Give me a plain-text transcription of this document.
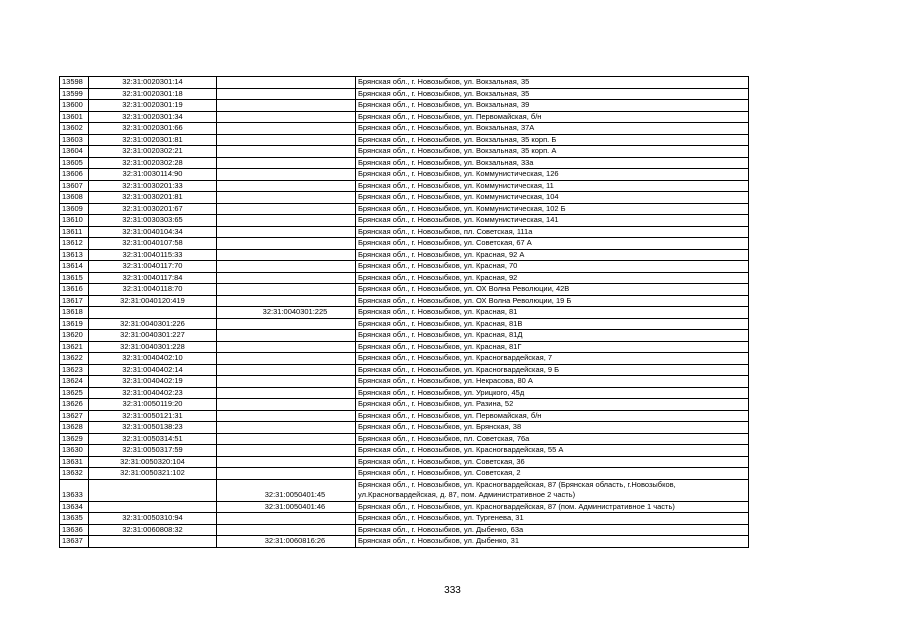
13598	32:31:0020301:14		Брянская обл., г. Новозыбков, ул. Вокзальная, 35
13599	32:31:0020301:18		Брянская обл., г. Новозыбков, ул. Вокзальная, 35
13600	32:31:0020301:19		Брянская обл., г. Новозыбков, ул. Вокзальная, 39
13601	32:31:0020301:34		Брянская обл., г. Новозыбков, ул. Первомайская, б/н
13602	32:31:0020301:66		Брянская обл., г. Новозыбков, ул. Вокзальная, 37А
13603	32:31:0020301:81		Брянская обл., г. Новозыбков, ул. Вокзальная, 35 корп. Б
13604	32:31:0020302:21		Брянская обл., г. Новозыбков, ул. Вокзальная, 35 корп. А
13605	32:31:0020302:28		Брянская обл., г. Новозыбков, ул. Вокзальная, 33а
13606	32:31:0030114:90		Брянская обл., г. Новозыбков, ул. Коммунистическая, 126
13607	32:31:0030201:33		Брянская обл., г. Новозыбков, ул. Коммунистическая, 11
13608	32:31:0030201:81		Брянская обл., г. Новозыбков, ул. Коммунистическая, 104
13609	32:31:0030201:67		Брянская обл., г. Новозыбков, ул. Коммунистическая, 102 Б
13610	32:31:0030303:65		Брянская обл., г. Новозыбков, ул. Коммунистическая, 141
13611	32:31:0040104:34		Брянская обл., г. Новозыбков, пл. Советская, 111а
13612	32:31:0040107:58		Брянская обл., г. Новозыбков, ул. Советская, 67 А
13613	32:31:0040115:33		Брянская обл., г. Новозыбков, ул. Красная, 92 А
13614	32:31:0040117:70		Брянская обл., г. Новозыбков, ул. Красная, 70
13615	32:31:0040117:84		Брянская обл., г. Новозыбков, ул. Красная, 92
13616	32:31:0040118:70		Брянская обл., г. Новозыбков, ул. ОХ Волна Революции, 42В
13617	32:31:0040120:419		Брянская обл., г. Новозыбков, ул. ОХ Волна Революции, 19 Б
13618		32:31:0040301:225	Брянская обл., г. Новозыбков, ул. Красная, 81
13619	32:31:0040301:226		Брянская обл., г. Новозыбков, ул. Красная, 81В
13620	32:31:0040301:227		Брянская обл., г. Новозыбков, ул. Красная, 81Д
13621	32:31:0040301:228		Брянская обл., г. Новозыбков, ул. Красная, 81Г
13622	32:31:0040402:10		Брянская обл., г. Новозыбков, ул. Красногвардейская, 7
13623	32:31:0040402:14		Брянская обл., г. Новозыбков, ул. Красногвардейская, 9 Б
13624	32:31:0040402:19		Брянская обл., г. Новозыбков, ул. Некрасова, 80 А
13625	32:31:0040402:23		Брянская обл., г. Новозыбков, ул. Урицкого, 45д
13626	32:31:0050119:20		Брянская обл., г. Новозыбков, ул. Разина, 52
13627	32:31:0050121:31		Брянская обл., г. Новозыбков, ул. Первомайская, б/н
13628	32:31:0050138:23		Брянская обл., г. Новозыбков, ул. Брянская, 38
13629	32:31:0050314:51		Брянская обл., г. Новозыбков, пл. Советская, 76а
13630	32:31:0050317:59		Брянская обл., г. Новозыбков, ул. Красногвардейская, 55 А
13631	32:31:0050320:104		Брянская обл., г. Новозыбков, ул. Советская, 36
13632	32:31:0050321:102		Брянская обл., г. Новозыбков, ул. Советская, 2
13633		32:31:0050401:45	Брянская обл., г. Новозыбков, ул. Красногвардейская, 87 (Брянская область, г.Новозыбков, ул.Красногвардейская, д. 87, пом. Административное 2 часть)
13634		32:31:0050401:46	Брянская обл., г. Новозыбков, ул. Красногвардейская, 87 (пом. Административное 1 часть)
13635	32:31:0050310:94		Брянская обл., г. Новозыбков, ул. Тургенева, 31
13636	32:31:0060808:32		Брянская обл., г. Новозыбков, ул. Дыбенко, 63а
13637		32:31:0060816:26	Брянская обл., г. Новозыбков, ул. Дыбенко, 31
333
